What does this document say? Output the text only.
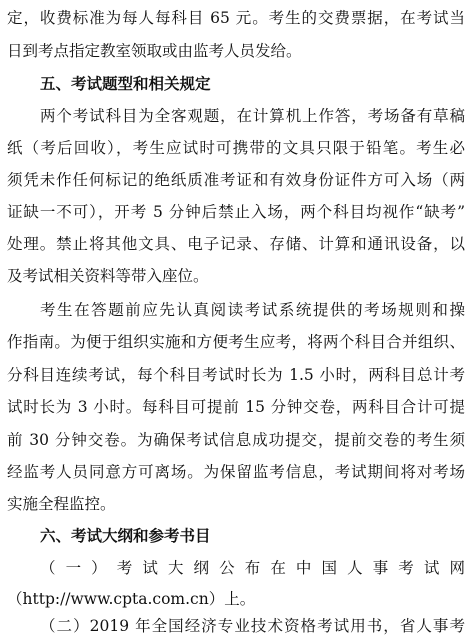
定，收费标准为每人每科目 65 元。考生的交费票据，在考试当
日到考点指定教室领取或由监考人员发给。
五、考试题型和相关规定
两个考试科目为全客观题，在计算机上作答，考场备有草稿
纸（考后回收），考生应试时可携带的文具只限于铅笔。考生必
须凭未作任何标记的绝纸质准考证和有效身份证件方可入场（两
证缺一不可），开考 5 分钟后禁止入场，两个科目均视作“缺考”
处理。禁止将其他文具、电子记录、存储、计算和通讯设备，以
及考试相关资料等带入座位。
考生在答题前应先认真阅读考试系统提供的考场规则和操
作指南。为便于组织实施和方便考生应考，将两个科目合并组织、
分科目连续考试，每个科目考试时长为 1.5 小时，两科目总计考
试时长为 3 小时。每科目可提前 15 分钟交卷，两科目合计可提
前 30 分钟交卷。为确保考试信息成功提交，提前交卷的考生须
经监考人员同意方可离场。为保留监考信息，考试期间将对考场
实施全程监控。
六、考试大纲和参考书目
（一）考试大纲公布在中国人事考试网
（http://www.cpta.com.cn）上。
（二）2019 年全国经济专业技术资格考试用书，省人事考
